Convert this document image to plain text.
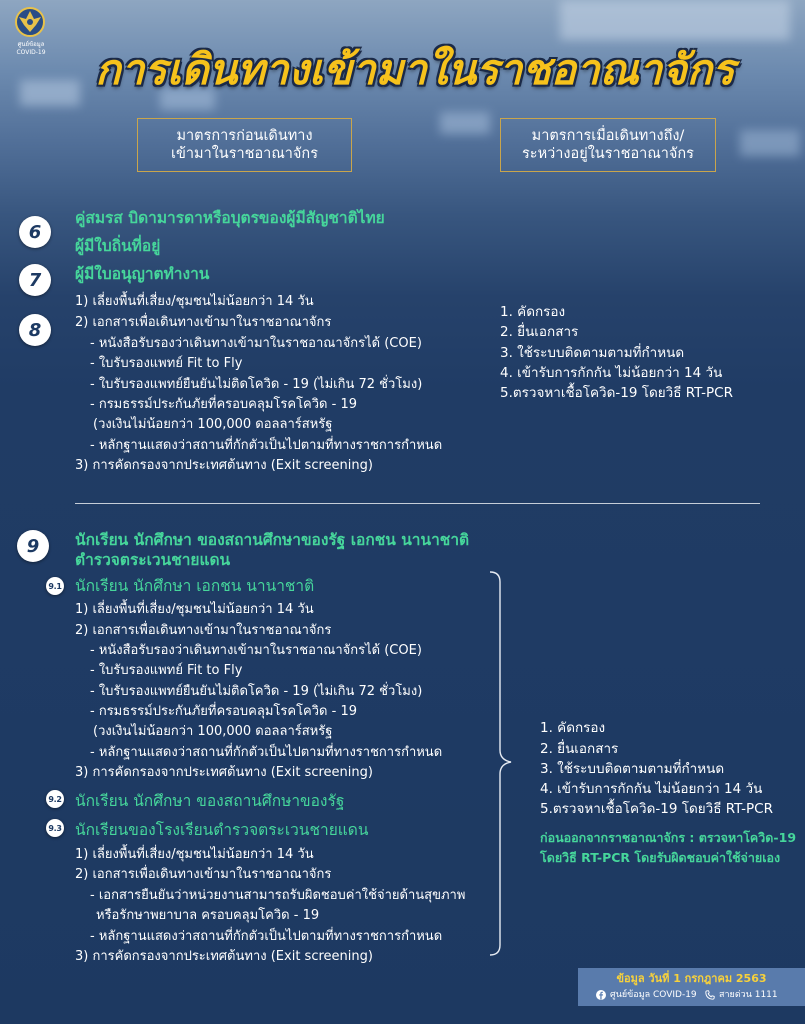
ศูนย์ข้อมูล
COVID-19	การเดินทางเข้ามาในราชอาณาจักร
มาตรการก่อนเดินทาง
เข้ามาในราชอาณาจักร
มาตรการเมื่อเดินทางถึง/
ระหว่างอยู่ในราชอาณาจักร
6
7
8
คู่สมรส บิดามารดาหรือบุตรของผู้มีสัญชาติไทย
ผู้มีใบถิ่นที่อยู่
ผู้มีใบอนุญาตทำงาน
1) เลี่ยงพื้นที่เสี่ยง/ชุมชนไม่น้อยกว่า 14 วัน
2) เอกสารเพื่อเดินทางเข้ามาในราชอาณาจักร
- หนังสือรับรองว่าเดินทางเข้ามาในราชอาณาจักรได้ (COE)
- ใบรับรองแพทย์ Fit to Fly
- ใบรับรองแพทย์ยืนยันไม่ติดโควิด - 19 (ไม่เกิน 72 ชั่วโมง)
- กรมธรรม์ประกันภัยที่ครอบคลุมโรคโควิด - 19
(วงเงินไม่น้อยกว่า 100,000 ดอลลาร์สหรัฐ
- หลักฐานแสดงว่าสถานที่กักตัวเป็นไปตามที่ทางราชการกำหนด
3) การคัดกรองจากประเทศต้นทาง (Exit screening)
1. คัดกรอง
2. ยื่นเอกสาร
3. ใช้ระบบติดตามตามที่กำหนด
4. เข้ารับการกักกัน ไม่น้อยกว่า 14 วัน
5.ตรวจหาเชื้อโควิด-19 โดยวิธี RT-PCR
9	นักเรียน นักศึกษา ของสถานศึกษาของรัฐ เอกชน นานาชาติ
ตำรวจตระเวนชายแดน
9.1 นักเรียน นักศึกษา เอกชน นานาชาติ
1) เลี่ยงพื้นที่เสี่ยง/ชุมชนไม่น้อยกว่า 14 วัน
2) เอกสารเพื่อเดินทางเข้ามาในราชอาณาจักร
- หนังสือรับรองว่าเดินทางเข้ามาในราชอาณาจักรได้ (COE)
- ใบรับรองแพทย์ Fit to Fly
- ใบรับรองแพทย์ยืนยันไม่ติดโควิด - 19 (ไม่เกิน 72 ชั่วโมง)
- กรมธรรม์ประกันภัยที่ครอบคลุมโรคโควิด - 19
(วงเงินไม่น้อยกว่า 100,000 ดอลลาร์สหรัฐ
- หลักฐานแสดงว่าสถานที่กักตัวเป็นไปตามที่ทางราชการกำหนด
3) การคัดกรองจากประเทศต้นทาง (Exit screening)
9.2 นักเรียน นักศึกษา ของสถานศึกษาของรัฐ
9.3 นักเรียนของโรงเรียนตำรวจตระเวนชายแดน
1) เลี่ยงพื้นที่เสี่ยง/ชุมชนไม่น้อยกว่า 14 วัน
2) เอกสารเพื่อเดินทางเข้ามาในราชอาณาจักร
- เอกสารยืนยันว่าหน่วยงานสามารถรับผิดชอบค่าใช้จ่ายด้านสุขภาพ
หรือรักษาพยาบาล ครอบคลุมโควิด - 19
- หลักฐานแสดงว่าสถานที่กักตัวเป็นไปตามที่ทางราชการกำหนด
3) การคัดกรองจากประเทศต้นทาง (Exit screening)
1. คัดกรอง
2. ยื่นเอกสาร
3. ใช้ระบบติดตามตามที่กำหนด
4. เข้ารับการกักกัน ไม่น้อยกว่า 14 วัน
5.ตรวจหาเชื้อโควิด-19 โดยวิธี RT-PCR
ก่อนออกจากราชอาณาจักร : ตรวจหาโควิด-19
โดยวิธี RT-PCR โดยรับผิดชอบค่าใช้จ่ายเอง
ข้อมูล วันที่ 1 กรกฎาคม 2563
ศูนย์ข้อมูล COVID-19 สายด่วน 1111
